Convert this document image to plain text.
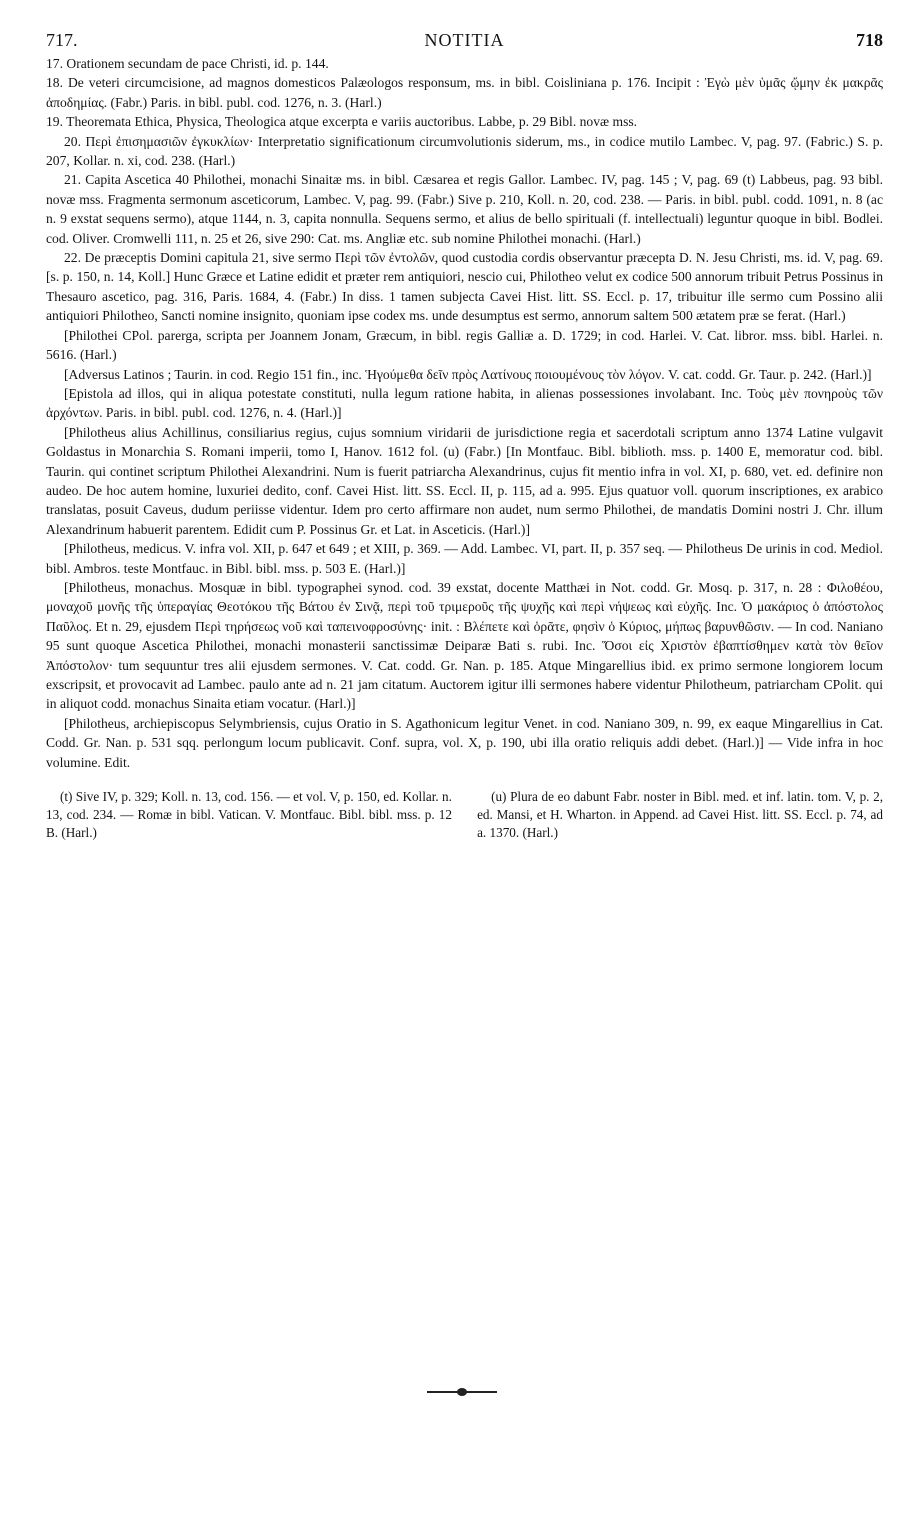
717.	NOTITIA	718

17. Orationem secundam de pace Christi, id. p. 144.

18. De veteri circumcisione, ad magnos domesticos Palæologos responsum, ms. in bibl. Coisliniana p. 176. Incipit : Ἐγὼ μὲν ὑμᾶς ᾤμην ἐκ μακρᾶς ἀποδημίας. (Fabr.) Paris. in bibl. publ. cod. 1276, n. 3. (Harl.)

19. Theoremata Ethica, Physica, Theologica atque excerpta e variis auctoribus. Labbe, p. 29 Bibl. novæ mss.

20. Περὶ ἐπισημασιῶν ἐγκυκλίων· Interpretatio significationum circumvolutionis siderum, ms., in codice mutilo Lambec. V, pag. 97. (Fabric.) S. p. 207, Kollar. n. xi, cod. 238. (Harl.)

21. Capita Ascetica 40 Philothei, monachi Sinaitæ ms. in bibl. Cæsarea et regis Gallor. Lambec. IV, pag. 145 ; V, pag. 69 (t) Labbeus, pag. 93 bibl. novæ mss. Fragmenta sermonum asceticorum, Lambec. V, pag. 99. (Fabr.) Sive p. 210, Koll. n. 20, cod. 238. — Paris. in bibl. publ. codd. 1091, n. 8 (ac n. 9 exstat sequens sermo), atque 1144, n. 3, capita nonnulla. Sequens sermo, et alius de bello spirituali (f. intellectuali) leguntur quoque in bibl. Bodlei. cod. Oliver. Cromwelli 111, n. 25 et 26, sive 290: Cat. ms. Angliæ etc. sub nomine Philothei monachi. (Harl.)

22. De præceptis Domini capitula 21, sive sermo Περὶ τῶν ἐντολῶν, quod custodia cordis observantur præcepta D. N. Jesu Christi, ms. id. V, pag. 69. [s. p. 150, n. 14, Koll.] Hunc Græce et Latine edidit et præter rem antiquiori, nescio cui, Philotheo velut ex codice 500 annorum tribuit Petrus Possinus in Thesauro ascetico, pag. 316, Paris. 1684, 4. (Fabr.) In diss. 1 tamen subjecta Cavei Hist. litt. SS. Eccl. p. 17, tribuitur ille sermo cum Possino alii antiquiori Philotheo, Sancti nomine insignito, quoniam ipse codex ms. unde desumptus est sermo, annorum saltem 500 ætatem præ se ferat. (Harl.)

[Philothei CPol. parerga, scripta per Joannem Jonam, Græcum, in bibl. regis Galliæ a. D. 1729; in cod. Harlei. V. Cat. libror. mss. bibl. Harlei. n. 5616. (Harl.)

[Adversus Latinos ; Taurin. in cod. Regio 151 fin., inc. Ἡγούμεθα δεῖν πρὸς Λατίνους ποιουμένους τὸν λόγον. V. cat. codd. Gr. Taur. p. 242. (Harl.)]

[Epistola ad illos, qui in aliqua potestate constituti, nulla legum ratione habita, in alienas possessiones involabant. Inc. Τοὺς μὲν πονηροὺς τῶν ἀρχόντων. Paris. in bibl. publ. cod. 1276, n. 4. (Harl.)]

[Philotheus alius Achillinus, consiliarius regius, cujus somnium viridarii de jurisdictione regia et sacerdotali scriptum anno 1374 Latine vulgavit Goldastus in Monarchia S. Romani imperii, tomo I, Hanov. 1612 fol. (u) (Fabr.) [In Montfauc. Bibl. biblioth. mss. p. 1400 E, memoratur cod. bibl. Taurin. qui continet scriptum Philothei Alexandrini. Num is fuerit patriarcha Alexandrinus, cujus fit mentio infra in vol. XI, p. 680, vet. ed. definire non audeo. De hoc autem homine, luxuriei dedito, conf. Cavei Hist. litt. SS. Eccl. II, p. 115, ad a. 995. Ejus quatuor voll. quorum inscriptiones, ex arabico translatas, posuit Caveus, dudum periisse videntur. Idem pro certo affirmare non audet, num sermo Philothei, de mandatis Domini nostri J. Chr. illum Alexandrinum habuerit parentem. Edidit cum P. Possinus Gr. et Lat. in Asceticis. (Harl.)]

[Philotheus, medicus. V. infra vol. XII, p. 647 et 649 ; et XIII, p. 369. — Add. Lambec. VI, part. II, p. 357 seq. — Philotheus De urinis in cod. Mediol. bibl. Ambros. teste Montfauc. in Bibl. bibl. mss. p. 503 E. (Harl.)]

[Philotheus, monachus. Mosquæ in bibl. typographei synod. cod. 39 exstat, docente Matthæi in Not. codd. Gr. Mosq. p. 317, n. 28 : Φιλοθέου, μοναχοῦ μονῆς τῆς ὑπεραγίας Θεοτόκου τῆς Βάτου ἐν Σινᾷ, περὶ τοῦ τριμεροῦς τῆς ψυχῆς καὶ περὶ νήψεως καὶ εὐχῆς. Inc. Ὁ μακάριος ὁ ἀπόστολος Παῦλος. Et n. 29, ejusdem Περὶ τηρήσεως νοῦ καὶ ταπεινοφροσύνης· init. : Βλέπετε καὶ ὁρᾶτε, φησὶν ὁ Κύριος, μήπως βαρυνθῶσιν. — In cod. Naniano 95 sunt quoque Ascetica Philothei, monachi monasterii sanctissimæ Deiparæ Bati s. rubi. Inc. Ὅσοι εἰς Χριστὸν ἐβαπτίσθημεν κατὰ τὸν θεῖον Ἀπόστολον· tum sequuntur tres alii ejusdem sermones. V. Cat. codd. Gr. Nan. p. 185. Atque Mingarellius ibid. ex primo sermone longiorem locum exscripsit, et provocavit ad Lambec. paulo ante ad n. 21 jam citatum. Auctorem igitur illi sermones habere videntur Philotheum, patriarcham CPolit. qui in aliquot codd. monachus Sinaita etiam vocatur. (Harl.)]

[Philotheus, archiepiscopus Selymbriensis, cujus Oratio in S. Agathonicum legitur Venet. in cod. Naniano 309, n. 99, ex eaque Mingarellius in Cat. Codd. Gr. Nan. p. 531 sqq. perlongum locum publicavit. Conf. supra, vol. X, p. 190, ubi illa oratio reliquis addi debet. (Harl.)] — Vide infra in hoc volumine. Edit.

(t) Sive IV, p. 329; Koll. n. 13, cod. 156. — et vol. V, p. 150, ed. Kollar. n. 13, cod. 234. — Romæ in bibl. Vatican. V. Montfauc. Bibl. bibl. mss. p. 12 B. (Harl.)
(u) Plura de eo dabunt Fabr. noster in Bibl. med. et inf. latin. tom. V, p. 2, ed. Mansi, et H. Wharton. in Append. ad Cavei Hist. litt. SS. Eccl. p. 74, ad a. 1370. (Harl.)
